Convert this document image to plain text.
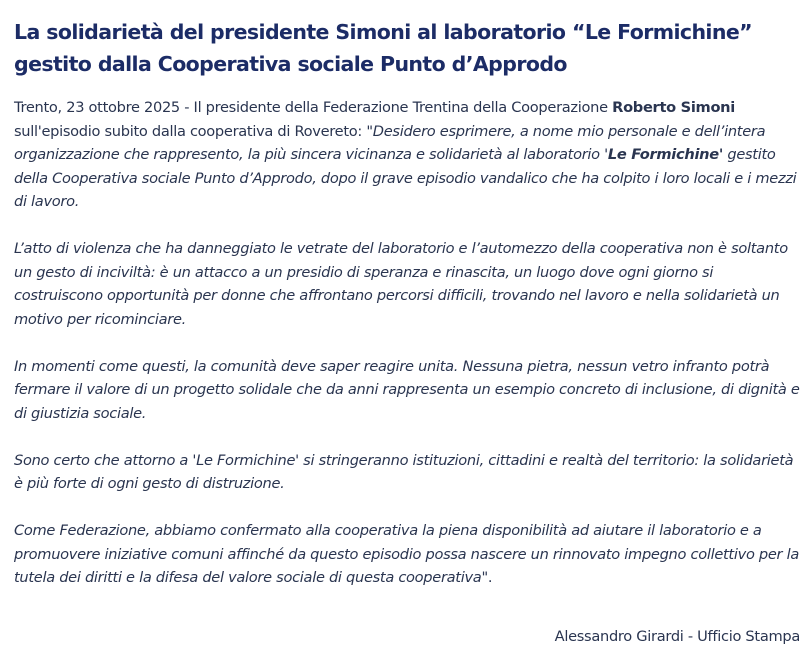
La solidarietà del presidente Simoni al laboratorio “Le Formichine” gestito dalla Cooperativa sociale Punto d’Approdo

Trento, 23 ottobre 2025 - Il presidente della Federazione Trentina della Cooperazione Roberto Simoni sull'episodio subito dalla cooperativa di Rovereto: "Desidero esprimere, a nome mio personale e dell’intera organizzazione che rappresento, la più sincera vicinanza e solidarietà al laboratorio 'Le Formichine' gestito della Cooperativa sociale Punto d’Approdo, dopo il grave episodio vandalico che ha colpito i loro locali e i mezzi di lavoro.

L’atto di violenza che ha danneggiato le vetrate del laboratorio e l’automezzo della cooperativa non è soltanto un gesto di inciviltà: è un attacco a un presidio di speranza e rinascita, un luogo dove ogni giorno si costruiscono opportunità per donne che affrontano percorsi difficili, trovando nel lavoro e nella solidarietà un motivo per ricominciare.

In momenti come questi, la comunità deve saper reagire unita. Nessuna pietra, nessun vetro infranto potrà fermare il valore di un progetto solidale che da anni rappresenta un esempio concreto di inclusione, di dignità e di giustizia sociale.

Sono certo che attorno a 'Le Formichine' si stringeranno istituzioni, cittadini e realtà del territorio: la solidarietà è più forte di ogni gesto di distruzione.

Come Federazione, abbiamo confermato alla cooperativa la piena disponibilità ad aiutare il laboratorio e a promuovere iniziative comuni affinché da questo episodio possa nascere un rinnovato impegno collettivo per la tutela dei diritti e la difesa del valore sociale di questa cooperativa".

Alessandro Girardi - Ufficio Stampa
